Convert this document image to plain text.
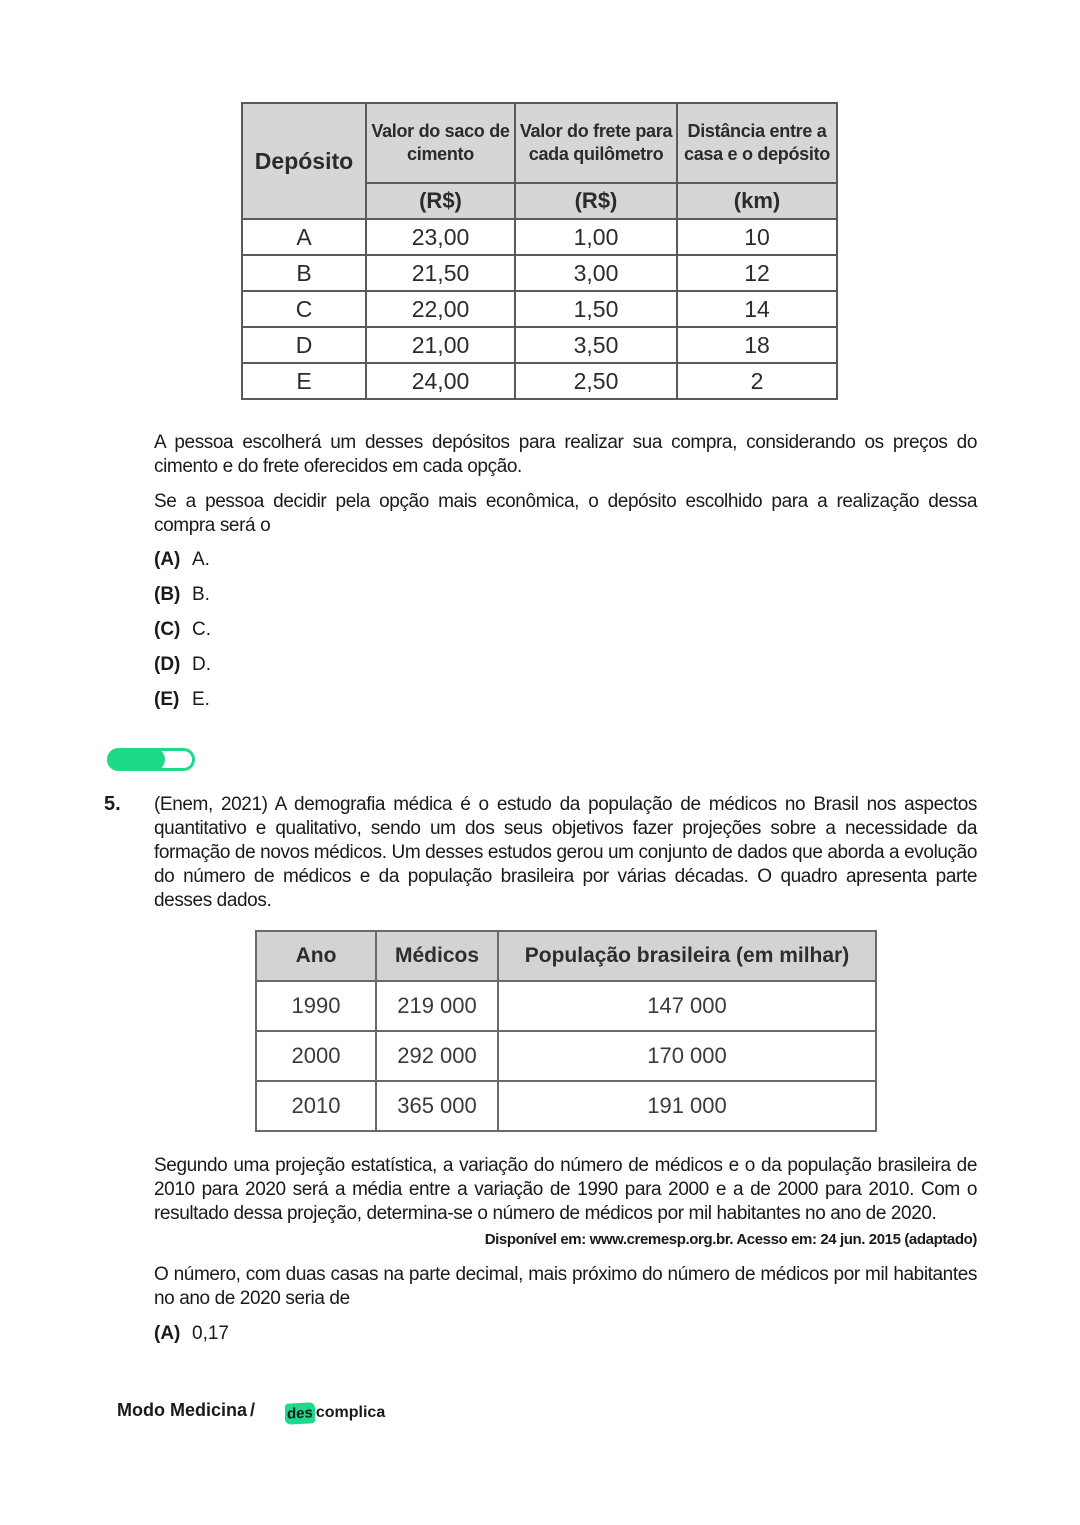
Depósito	Valor do saco de cimento	Valor do frete para cada quilômetro	Distância entre a casa e o depósito
	(R$)	(R$)	(km)
A	23,00	1,00	10
B	21,50	3,00	12
C	22,00	1,50	14
D	21,00	3,50	18
E	24,00	2,50	2

A pessoa escolherá um desses depósitos para realizar sua compra, considerando os preços do cimento e do frete oferecidos em cada opção.

Se a pessoa decidir pela opção mais econômica, o depósito escolhido para a realização dessa compra será o

(A) A.
(B) B.
(C) C.
(D) D.
(E) E.
5. (Enem, 2021) A demografia médica é o estudo da população de médicos no Brasil nos aspectos quantitativo e qualitativo, sendo um dos seus objetivos fazer projeções sobre a necessidade da formação de novos médicos. Um desses estudos gerou um conjunto de dados que aborda a evolução do número de médicos e da população brasileira por várias décadas. O quadro apresenta parte desses dados.

Ano	Médicos	População brasileira (em milhar)
1990	219 000	147 000
2000	292 000	170 000
2010	365 000	191 000

Segundo uma projeção estatística, a variação do número de médicos e o da população brasileira de 2010 para 2020 será a média entre a variação de 1990 para 2000 e a de 2000 para 2010. Com o resultado dessa projeção, determina-se o número de médicos por mil habitantes no ano de 2020.

Disponível em: www.cremesp.org.br. Acesso em: 24 jun. 2015 (adaptado)

O número, com duas casas na parte decimal, mais próximo do número de médicos por mil habitantes no ano de 2020 seria de

(A) 0,17
Modo Medicina / des complica
